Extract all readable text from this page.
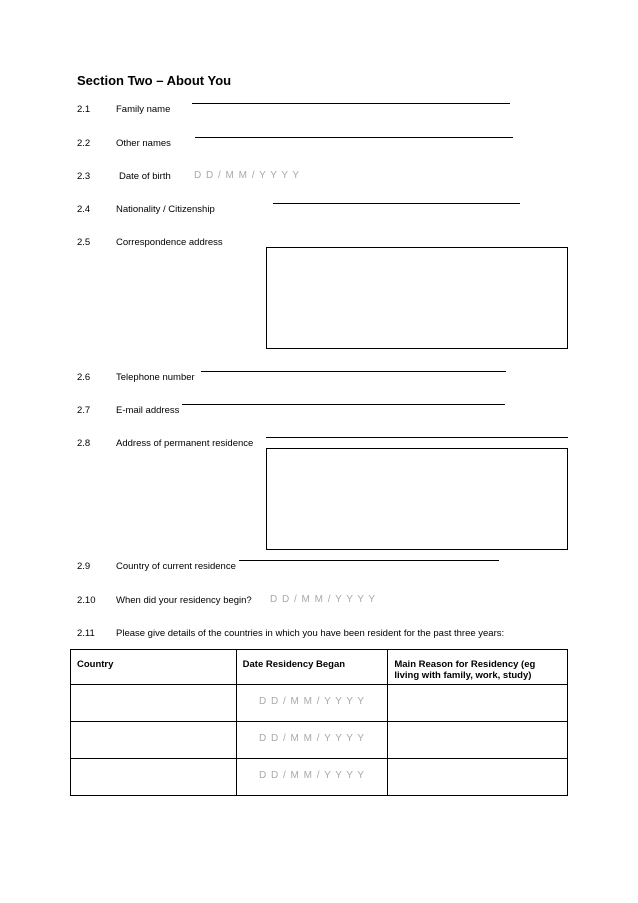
Section Two – About You
2.1	Family name
2.2	Other names
2.3	Date of birth D D / M M / Y Y Y Y
2.4	Nationality / Citizenship
2.5	Correspondence address
2.6	Telephone number
2.7	E-mail address
2.8	Address of permanent residence
2.9	Country of current residence
2.10 When did your residency begin? D D / M M / Y Y Y Y
2.11 Please give details of the countries in which you have been resident for the past three years:
Country	Date Residency Began	Main Reason for Residency (eg living with family, work, study)
	D D / M M / Y Y Y Y	
	D D / M M / Y Y Y Y	
	D D / M M / Y Y Y Y	
